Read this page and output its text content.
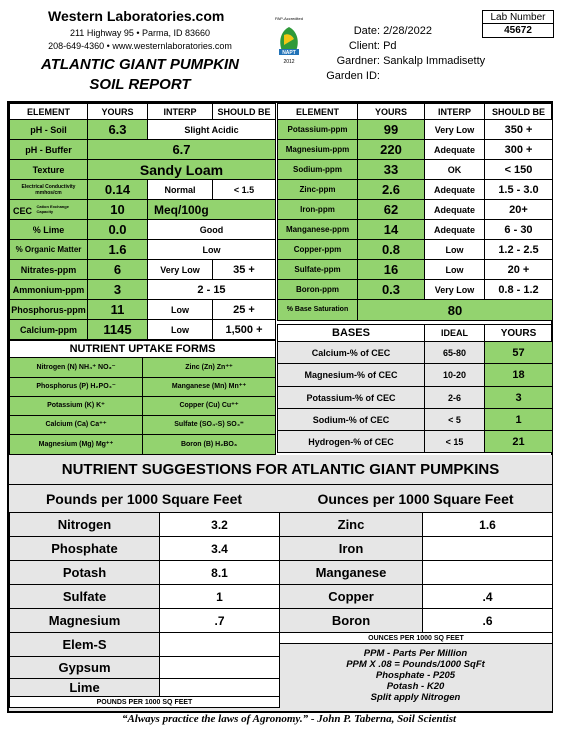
Western Laboratories.com
211 Highway 95 • Parma, ID 83660
208-649-4360 • www.westernlaboratories.com
ATLANTIC GIANT PUMPKIN
SOIL REPORT
PAP-Accredited
NAPT
2012
Date: 2/28/2022
Client: Pd
Gardner: Sankalp Immadisetty
Garden ID:
Lab Number
45672
ELEMENT	YOURS	INTERP	SHOULD BE
pH - Soil	6.3	Slight Acidic	
pH - Buffer	6.7		
Texture	Sandy Loam		
Electrical Conductivity mmhos/cm	0.14	Normal	< 1.5
CEC Cation Exchange Capacity	10	Meq/100g	
% Lime	0.0	Good	
% Organic Matter	1.6	Low	
Nitrates-ppm	6	Very Low	35 +
Ammonium-ppm	3	2 - 15	
Phosphorus-ppm	11	Low	25 +
Calcium-ppm	1145	Low	1,500 +
NUTRIENT UPTAKE FORMS	
Nitrogen (N) NH₄⁺ NO₃⁻	Zinc (Zn) Zn⁺⁺
Phosphorus (P) H₂PO₄⁻	Manganese (Mn) Mn⁺⁺
Potassium (K) K⁺	Copper (Cu) Cu⁺⁺
Calcium (Ca) Ca⁺⁺	Sulfate (SO₄-S) SO₄⁼
Magnesium (Mg) Mg⁺⁺	Boron (B) H₂BO₃
ELEMENT	YOURS	INTERP	SHOULD BE
Potassium-ppm	99	Very Low	350 +
Magnesium-ppm	220	Adequate	300 +
Sodium-ppm	33	OK	< 150
Zinc-ppm	2.6	Adequate	1.5 - 3.0
Iron-ppm	62	Adequate	20+
Manganese-ppm	14	Adequate	6 - 30
Copper-ppm	0.8	Low	1.2 - 2.5
Sulfate-ppm	16	Low	20 +
Boron-ppm	0.3	Very Low	0.8 - 1.2
% Base Saturation	80		
BASES	IDEAL	YOURS
Calcium-% of CEC	65-80	57
Magnesium-% of CEC	10-20	18
Potassium-% of CEC	2-6	3
Sodium-% of CEC	< 5	1
Hydrogen-% of CEC	< 15	21
NUTRIENT SUGGESTIONS FOR ATLANTIC GIANT PUMPKINS
Pounds per 1000 Square Feet	Ounces per 1000 Square Feet
Nitrogen	3.2
Phosphate	3.4
Potash	8.1
Sulfate	1
Magnesium	.7
Elem-S	
Gypsum	
Lime	
POUNDS PER 1000 SQ FEET	
Zinc	1.6
Iron	
Manganese	
Copper	.4
Boron	.6
OUNCES PER 1000 SQ FEET	
PPM - Parts Per Million
PPM X .08 = Pounds/1000 SqFt
Phosphate - P205
Potash - K20
Split apply Nitrogen
“Always practice the laws of Agronomy.” - John P. Taberna, Soil Scientist
